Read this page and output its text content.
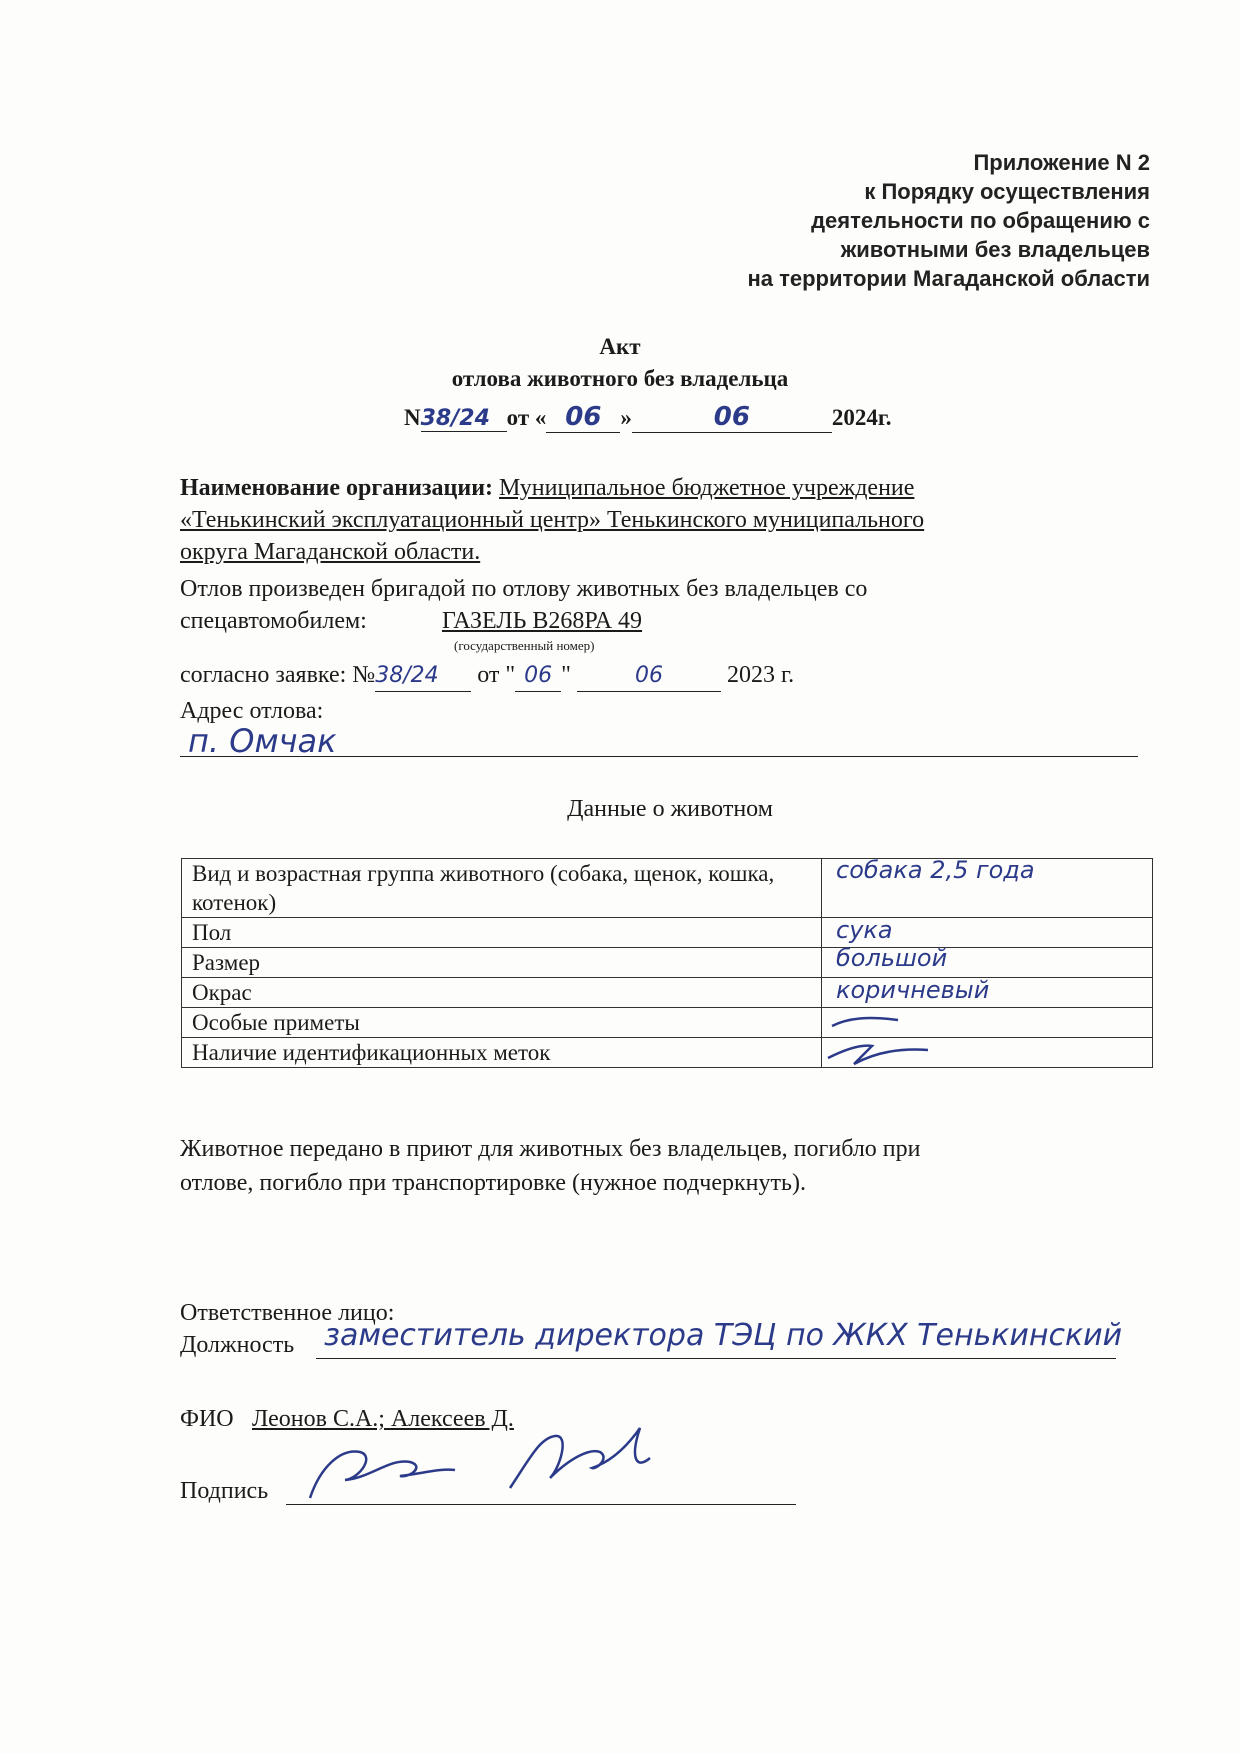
Приложение N 2
к Порядку осуществления
деятельности по обращению с
животными без владельцев
на территории Магаданской области
Акт
отлова животного без владельца
N38/24 от « 06 »	06	2024г.
Наименование организации: Муниципальное бюджетное учреждение
«Тенькинский эксплуатационный центр» Тенькинского муниципального
округа Магаданской области.
Отлов произведен бригадой по отлову животных без владельцев со
спецавтомобилем:	ГАЗЕЛЬ В268РА 49
(государственный номер)
согласно заявке: №38/24 от " 06 "	06	2023 г.
Адрес отлова:
п. Омчак
Данные о животном
Вид и возрастная группа животного (собака, щенок, кошка, котенок)	собака 2,5 года

Пол	сука

Размер	большой

Окрас	коричневый

Особые приметы	

Наличие идентификационных меток	
Животное передано в приют для животных без владельцев, погибло при
отлове, погибло при транспортировке (нужное подчеркнуть).
Ответственное лицо:
Должность заместитель директора ТЭЦ по ЖКХ Тенькинский
ФИО Леонов С.А.; Алексеев Д.
Подпись
